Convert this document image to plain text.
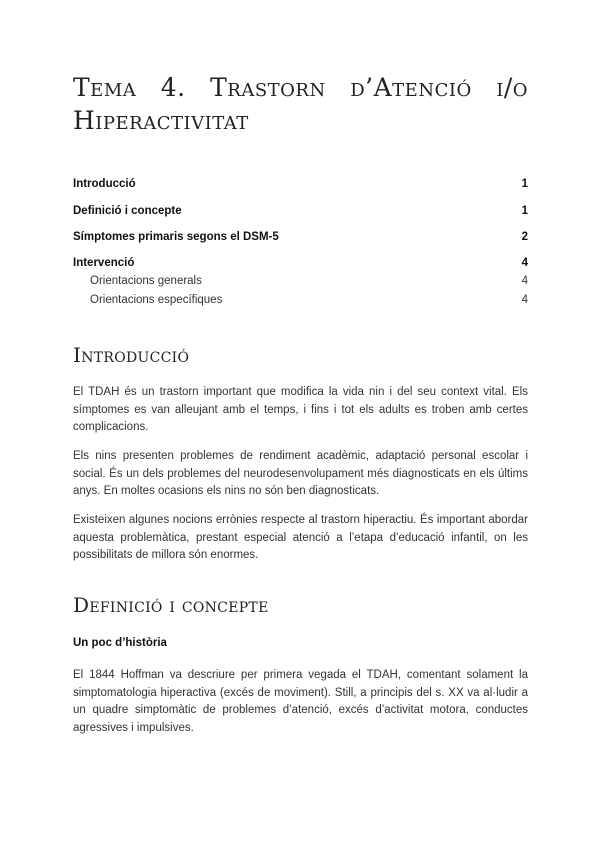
Tema 4. Trastorn d’Atenció i/o Hiperactivitat
Introducció	1
Definició i concepte	1
Símptomes primaris segons el DSM-5	2
Intervenció	4
Orientacions generals	4
Orientacions específiques	4
Introducció

El TDAH és un trastorn important que modifica la vida nin i del seu context vital. Els símptomes es van alleujant amb el temps, i fins i tot els adults es troben amb certes complicacions.

Els nins presenten problemes de rendiment acadèmic, adaptació personal escolar i social. És un dels problemes del neurodesenvolupament més diagnosticats en els últims anys. En moltes ocasions els nins no són ben diagnosticats.

Existeixen algunes nocions errònies respecte al trastorn hiperactiu. És important abordar aquesta problemàtica, prestant especial atenció a l’etapa d’educació infantil, on les possibilitats de millora són enormes.

Definició i concepte
Un poc d’història

El 1844 Hoffman va descriure per primera vegada el TDAH, comentant solament la simptomatologia hiperactiva (excés de moviment). Still, a principis del s. XX va al·ludir a un quadre simptomàtic de problemes d’atenció, excés d’activitat motora, conductes agressives i impulsives.
